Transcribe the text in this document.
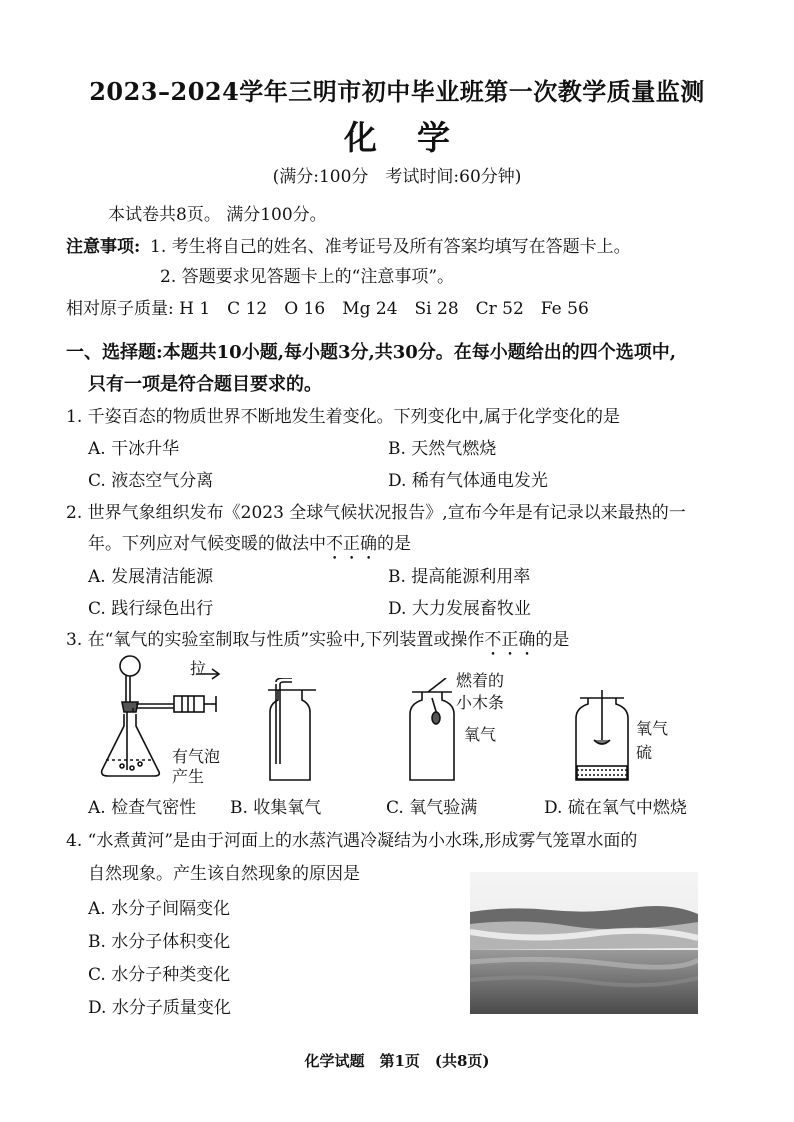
2023–2024学年三明市初中毕业班第一次教学质量监测
化学
(满分:100分　考试时间:60分钟)
本试卷共8页。 满分100分。
注意事项: 1. 考生将自己的姓名、准考证号及所有答案均填写在答题卡上。
2. 答题要求见答题卡上的“注意事项”。
相对原子质量: H 1　C 12　O 16　Mg 24　Si 28　Cr 52　Fe 56
一、选择题:本题共10小题,每小题3分,共30分。在每小题给出的四个选项中,
只有一项是符合题目要求的。
1. 千姿百态的物质世界不断地发生着变化。下列变化中,属于化学变化的是
A. 干冰升华	B. 天然气燃烧
C. 液态空气分离	D. 稀有气体通电发光
2. 世界气象组织发布《2023 全球气候状况报告》,宣布今年是有记录以来最热的一
年。下列应对气候变暖的做法中不正确的是
A. 发展清洁能源	B. 提高能源利用率
C. 践行绿色出行	D. 大力发展畜牧业
3. 在“氧气的实验室制取与性质”实验中,下列装置或操作不正确的是
拉
有气泡
产生
燃着的
小木条
氧气	氧气
硫
A. 检查气密性 B. 收集氧气	C. 氧气验满	D. 硫在氧气中燃烧
4. “水煮黄河”是由于河面上的水蒸汽遇冷凝结为小水珠,形成雾气笼罩水面的
自然现象。产生该自然现象的原因是
A. 水分子间隔变化
B. 水分子体积变化
C. 水分子种类变化
D. 水分子质量变化
化学试题　第1页　(共8页)
